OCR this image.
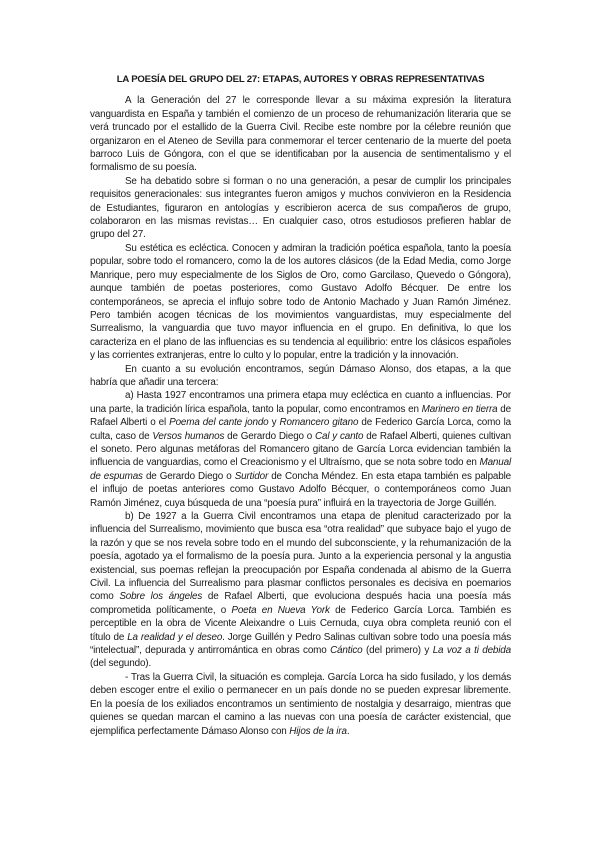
LA POESÍA DEL GRUPO DEL 27: ETAPAS, AUTORES Y OBRAS REPRESENTATIVAS

A la Generación del 27 le corresponde llevar a su máxima expresión la literatura vanguardista en España y también el comienzo de un proceso de rehumanización literaria que se verá truncado por el estallido de la Guerra Civil. Recibe este nombre por la célebre reunión que organizaron en el Ateneo de Sevilla para conmemorar el tercer centenario de la muerte del poeta barroco Luis de Góngora, con el que se identificaban por la ausencia de sentimentalismo y el formalismo de su poesía.

Se ha debatido sobre si forman o no una generación, a pesar de cumplir los principales requisitos generacionales: sus integrantes fueron amigos y muchos convivieron en la Residencia de Estudiantes, figuraron en antologías y escribieron acerca de sus compañeros de grupo, colaboraron en las mismas revistas… En cualquier caso, otros estudiosos prefieren hablar de grupo del 27.

Su estética es ecléctica. Conocen y admiran la tradición poética española, tanto la poesía popular, sobre todo el romancero, como la de los autores clásicos (de la Edad Media, como Jorge Manrique, pero muy especialmente de los Siglos de Oro, como Garcilaso, Quevedo o Góngora), aunque también de poetas posteriores, como Gustavo Adolfo Bécquer. De entre los contemporáneos, se aprecia el influjo sobre todo de Antonio Machado y Juan Ramón Jiménez. Pero también acogen técnicas de los movimientos vanguardistas, muy especialmente del Surrealismo, la vanguardia que tuvo mayor influencia en el grupo. En definitiva, lo que los caracteriza en el plano de las influencias es su tendencia al equilibrio: entre los clásicos españoles y las corrientes extranjeras, entre lo culto y lo popular, entre la tradición y la innovación.

En cuanto a su evolución encontramos, según Dámaso Alonso, dos etapas, a la que habría que añadir una tercera:

a) Hasta 1927 encontramos una primera etapa muy ecléctica en cuanto a influencias. Por una parte, la tradición lírica española, tanto la popular, como encontramos en Marinero en tierra de Rafael Alberti o el Poema del cante jondo y Romancero gitano de Federico García Lorca, como la culta, caso de Versos humanos de Gerardo Diego o Cal y canto de Rafael Alberti, quienes cultivan el soneto. Pero algunas metáforas del Romancero gitano de García Lorca evidencian también la influencia de vanguardias, como el Creacionismo y el Ultraísmo, que se nota sobre todo en Manual de espumas de Gerardo Diego o Surtidor de Concha Méndez. En esta etapa también es palpable el influjo de poetas anteriores como Gustavo Adolfo Bécquer, o contemporáneos como Juan Ramón Jiménez, cuya búsqueda de una “poesía pura” influirá en la trayectoria de Jorge Guillén.

b) De 1927 a la Guerra Civil encontramos una etapa de plenitud caracterizado por la influencia del Surrealismo, movimiento que busca esa “otra realidad” que subyace bajo el yugo de la razón y que se nos revela sobre todo en el mundo del subconsciente, y la rehumanización de la poesía, agotado ya el formalismo de la poesía pura. Junto a la experiencia personal y la angustia existencial, sus poemas reflejan la preocupación por España condenada al abismo de la Guerra Civil. La influencia del Surrealismo para plasmar conflictos personales es decisiva en poemarios como Sobre los ángeles de Rafael Alberti, que evoluciona después hacia una poesía más comprometida políticamente, o Poeta en Nueva York de Federico García Lorca. También es perceptible en la obra de Vicente Aleixandre o Luis Cernuda, cuya obra completa reunió con el título de La realidad y el deseo. Jorge Guillén y Pedro Salinas cultivan sobre todo una poesía más “intelectual”, depurada y antirromántica en obras como Cántico (del primero) y La voz a ti debida (del segundo).

- Tras la Guerra Civil, la situación es compleja. García Lorca ha sido fusilado, y los demás deben escoger entre el exilio o permanecer en un país donde no se pueden expresar libremente. En la poesía de los exiliados encontramos un sentimiento de nostalgia y desarraigo, mientras que quienes se quedan marcan el camino a las nuevas con una poesía de carácter existencial, que ejemplifica perfectamente Dámaso Alonso con Hijos de la ira.
